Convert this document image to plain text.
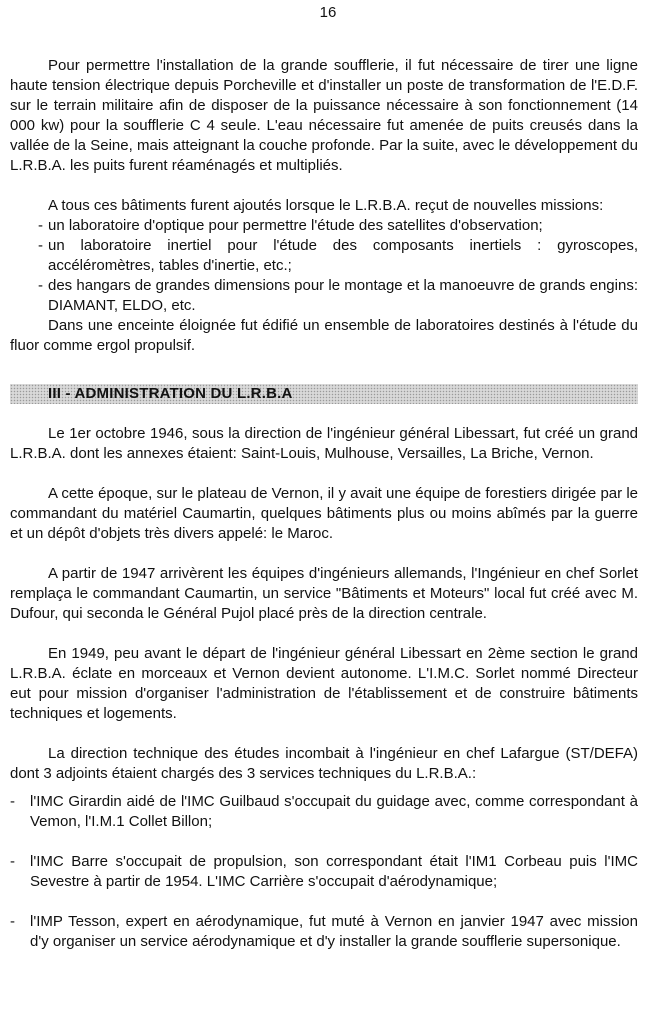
16

Pour permettre l'installation de la grande soufflerie, il fut nécessaire de tirer une ligne haute tension électrique depuis Porcheville et d'installer un poste de transformation de l'E.D.F. sur le terrain militaire afin de disposer de la puissance nécessaire à son fonctionnement (14 000 kw) pour la soufflerie C 4 seule. L'eau nécessaire fut amenée de puits creusés dans la vallée de la Seine, mais atteignant la couche profonde. Par la suite, avec le développement du L.R.B.A. les puits furent réaménagés et multipliés.

A tous ces bâtiments furent ajoutés lorsque le L.R.B.A. reçut de nouvelles missions:

- un laboratoire d'optique pour permettre l'étude des satellites d'observation;
- un laboratoire inertiel pour l'étude des composants inertiels : gyroscopes, accéléromètres, tables d'inertie, etc.;
- des hangars de grandes dimensions pour le montage et la manoeuvre de grands engins: DIAMANT, ELDO, etc.

Dans une enceinte éloignée fut édifié un ensemble de laboratoires destinés à l'étude du fluor comme ergol propulsif.

III - ADMINISTRATION DU L.R.B.A

Le 1er octobre 1946, sous la direction de l'ingénieur général Libessart, fut créé un grand L.R.B.A. dont les annexes étaient: Saint-Louis, Mulhouse, Versailles, La Briche, Vernon.

A cette époque, sur le plateau de Vernon, il y avait une équipe de forestiers dirigée par le commandant du matériel Caumartin, quelques bâtiments plus ou moins abîmés par la guerre et un dépôt d'objets très divers appelé: le Maroc.

A partir de 1947 arrivèrent les équipes d'ingénieurs allemands, l'Ingénieur en chef Sorlet remplaça le commandant Caumartin, un service "Bâtiments et Moteurs" local fut créé avec M. Dufour, qui seconda le Général Pujol placé près de la direction centrale.

En 1949, peu avant le départ de l'ingénieur général Libessart en 2ème section le grand L.R.B.A. éclate en morceaux et Vernon devient autonome. L'I.M.C. Sorlet nommé Directeur eut pour mission d'organiser l'administration de l'établissement et de construire bâtiments techniques et logements.

La direction technique des études incombait à l'ingénieur en chef Lafargue (ST/DEFA) dont 3 adjoints étaient chargés des 3 services techniques du L.R.B.A.:

- l'IMC Girardin aidé de l'IMC Guilbaud s'occupait du guidage avec, comme correspondant à Vemon, l'I.M.1 Collet Billon;
- l'IMC Barre s'occupait de propulsion, son correspondant était l'IM1 Corbeau puis l'IMC Sevestre à partir de 1954. L'IMC Carrière s'occupait d'aérodynamique;
- l'IMP Tesson, expert en aérodynamique, fut muté à Vernon en janvier 1947 avec mission d'y organiser un service aérodynamique et d'y installer la grande soufflerie supersonique.
